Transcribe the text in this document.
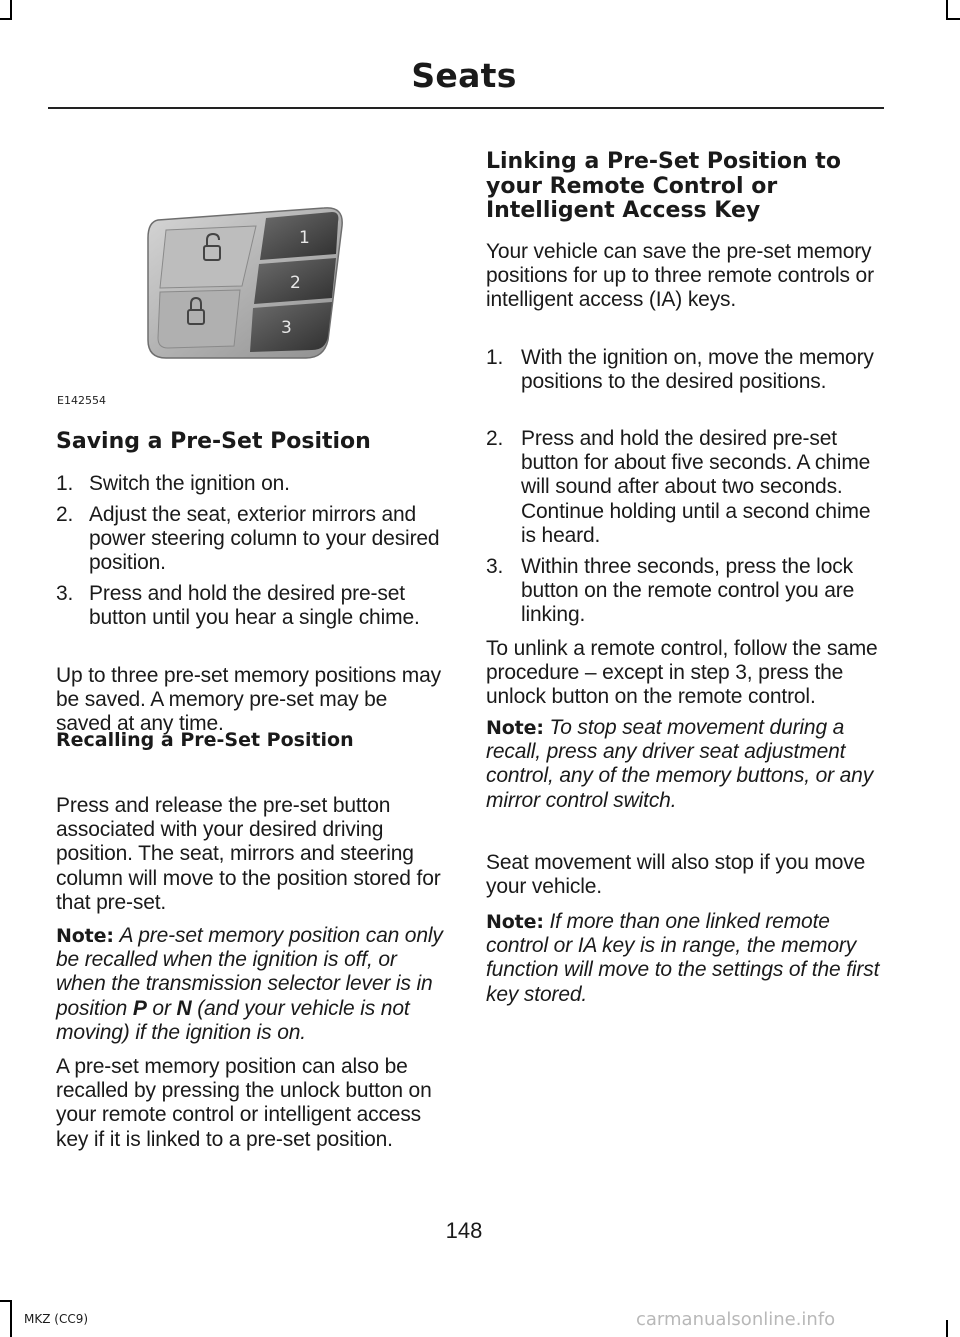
Seats
1
2
3
E142554
Saving a Pre-Set Position
1. Switch the ignition on.
2. Adjust the seat, exterior mirrors and power steering column to your desired position.
3. Press and hold the desired pre-set button until you hear a single chime.

Up to three pre-set memory positions may be saved. A memory pre-set may be saved at any time.

Recalling a Pre-Set Position

Press and release the pre-set button associated with your desired driving position. The seat, mirrors and steering column will move to the position stored for that pre-set.

Note: A pre-set memory position can only be recalled when the ignition is off, or when the transmission selector lever is in position P or N (and your vehicle is not moving) if the ignition is on.

A pre-set memory position can also be recalled by pressing the unlock button on your remote control or intelligent access key if it is linked to a pre-set position.

Linking a Pre-Set Position to your Remote Control or Intelligent Access Key

Your vehicle can save the pre-set memory positions for up to three remote controls or intelligent access (IA) keys.

1. With the ignition on, move the memory positions to the desired positions.
2. Press and hold the desired pre-set button for about five seconds. A chime will sound after about two seconds. Continue holding until a second chime is heard.
3. Within three seconds, press the lock button on the remote control you are linking.

To unlink a remote control, follow the same procedure – except in step 3, press the unlock button on the remote control.

Note: To stop seat movement during a recall, press any driver seat adjustment control, any of the memory buttons, or any mirror control switch.

Seat movement will also stop if you move your vehicle.

Note: If more than one linked remote control or IA key is in range, the memory function will move to the settings of the first key stored.

148
MKZ (CC9)	carmanualsonline.info
